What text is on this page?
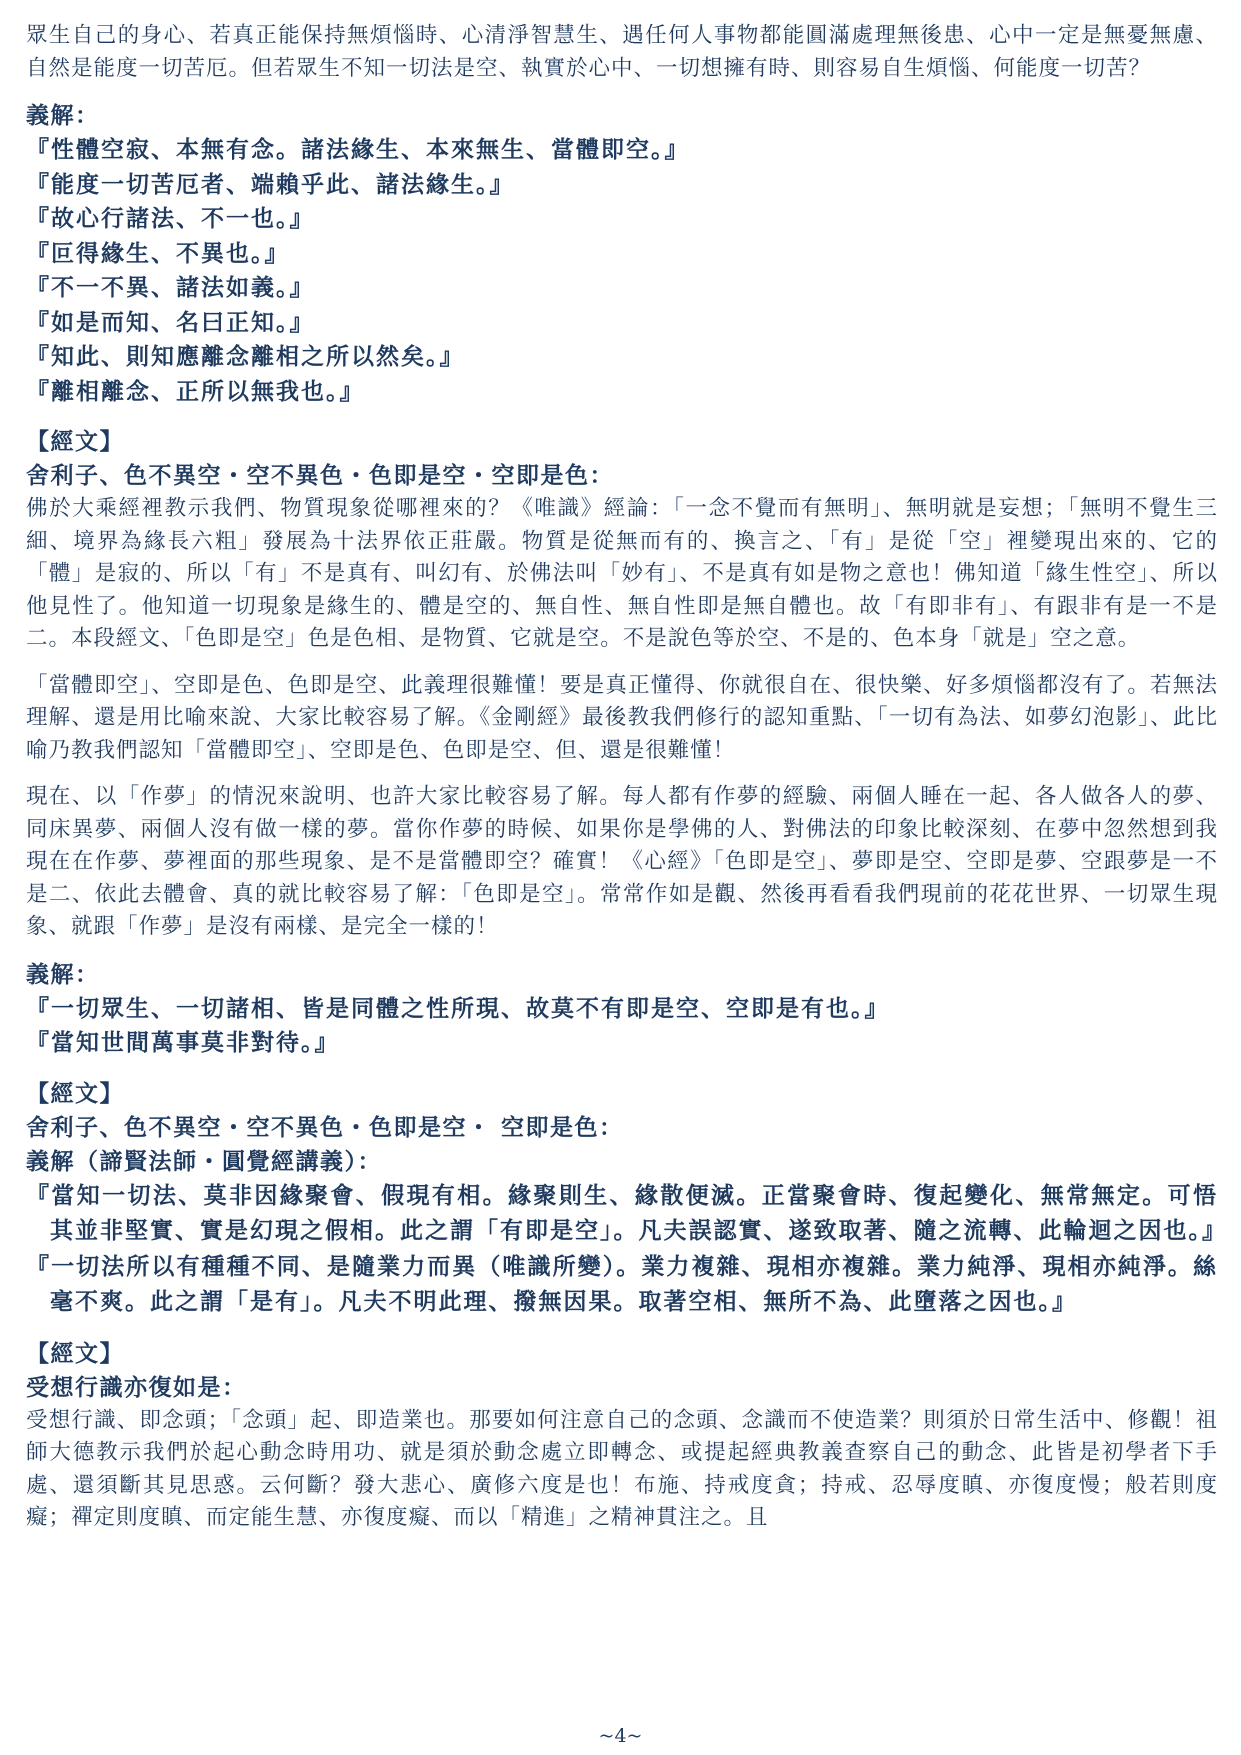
眾生自己的身心、若真正能保持無煩惱時、心清淨智慧生、遇任何人事物都能圓滿處理無後患、心中一定是無憂無慮、自然是能度一切苦厄。但若眾生不知一切法是空、執實於心中、一切想擁有時、則容易自生煩惱、何能度一切苦？

義解：

『性體空寂、本無有念。諸法緣生、本來無生、當體即空。』

『能度一切苦厄者、端賴乎此、諸法緣生。』

『故心行諸法、不一也。』

『叵得緣生、不異也。』

『不一不異、諸法如義。』

『如是而知、名曰正知。』

『知此、則知應離念離相之所以然矣。』

『離相離念、正所以無我也。』

【經文】

舍利子、色不異空・空不異色・色即是空・空即是色：

佛於大乘經裡教示我們、物質現象從哪裡來的？《唯識》經論：「一念不覺而有無明」、無明就是妄想；「無明不覺生三細、境界為緣長六粗」發展為十法界依正莊嚴。物質是從無而有的、換言之、「有」是從「空」裡變現出來的、它的「體」是寂的、所以「有」不是真有、叫幻有、於佛法叫「妙有」、不是真有如是物之意也！佛知道「緣生性空」、所以他見性了。他知道一切現象是緣生的、體是空的、無自性、無自性即是無自體也。故「有即非有」、有跟非有是一不是二。本段經文、「色即是空」色是色相、是物質、它就是空。不是說色等於空、不是的、色本身「就是」空之意。

「當體即空」、空即是色、色即是空、此義理很難懂！要是真正懂得、你就很自在、很快樂、好多煩惱都沒有了。若無法理解、還是用比喻來說、大家比較容易了解。《金剛經》最後教我們修行的認知重點、「一切有為法、如夢幻泡影」、此比喻乃教我們認知「當體即空」、空即是色、色即是空、但、還是很難懂！

現在、以「作夢」的情況來說明、也許大家比較容易了解。每人都有作夢的經驗、兩個人睡在一起、各人做各人的夢、同床異夢、兩個人沒有做一樣的夢。當你作夢的時候、如果你是學佛的人、對佛法的印象比較深刻、在夢中忽然想到我現在在作夢、夢裡面的那些現象、是不是當體即空？確實！《心經》「色即是空」、夢即是空、空即是夢、空跟夢是一不是二、依此去體會、真的就比較容易了解：「色即是空」。常常作如是觀、然後再看看我們現前的花花世界、一切眾生現象、就跟「作夢」是沒有兩樣、是完全一樣的！

義解：

『一切眾生、一切諸相、皆是同體之性所現、故莫不有即是空、空即是有也。』

『當知世間萬事莫非對待。』

【經文】

舍利子、色不異空・空不異色・色即是空・ 空即是色：

義解（諦賢法師・圓覺經講義）：

『當知一切法、莫非因緣聚會、假現有相。緣聚則生、緣散便滅。正當聚會時、復起變化、無常無定。可悟其並非堅實、實是幻現之假相。此之謂「有即是空」。凡夫誤認實、遂致取著、隨之流轉、此輪迴之因也。』

『一切法所以有種種不同、是隨業力而異（唯識所變）。業力複雜、現相亦複雜。業力純淨、現相亦純淨。絲毫不爽。此之謂「是有」。凡夫不明此理、撥無因果。取著空相、無所不為、此墮落之因也。』

【經文】

受想行識亦復如是：

受想行識、即念頭；「念頭」起、即造業也。那要如何注意自己的念頭、念識而不使造業？則須於日常生活中、修觀！祖師大德教示我們於起心動念時用功、就是須於動念處立即轉念、或提起經典教義查察自己的動念、此皆是初學者下手處、還須斷其見思惑。云何斷？發大悲心、廣修六度是也！布施、持戒度貪；持戒、忍辱度瞋、亦復度慢；般若則度癡；禪定則度瞋、而定能生慧、亦復度癡、而以「精進」之精神貫注之。且

~4~
